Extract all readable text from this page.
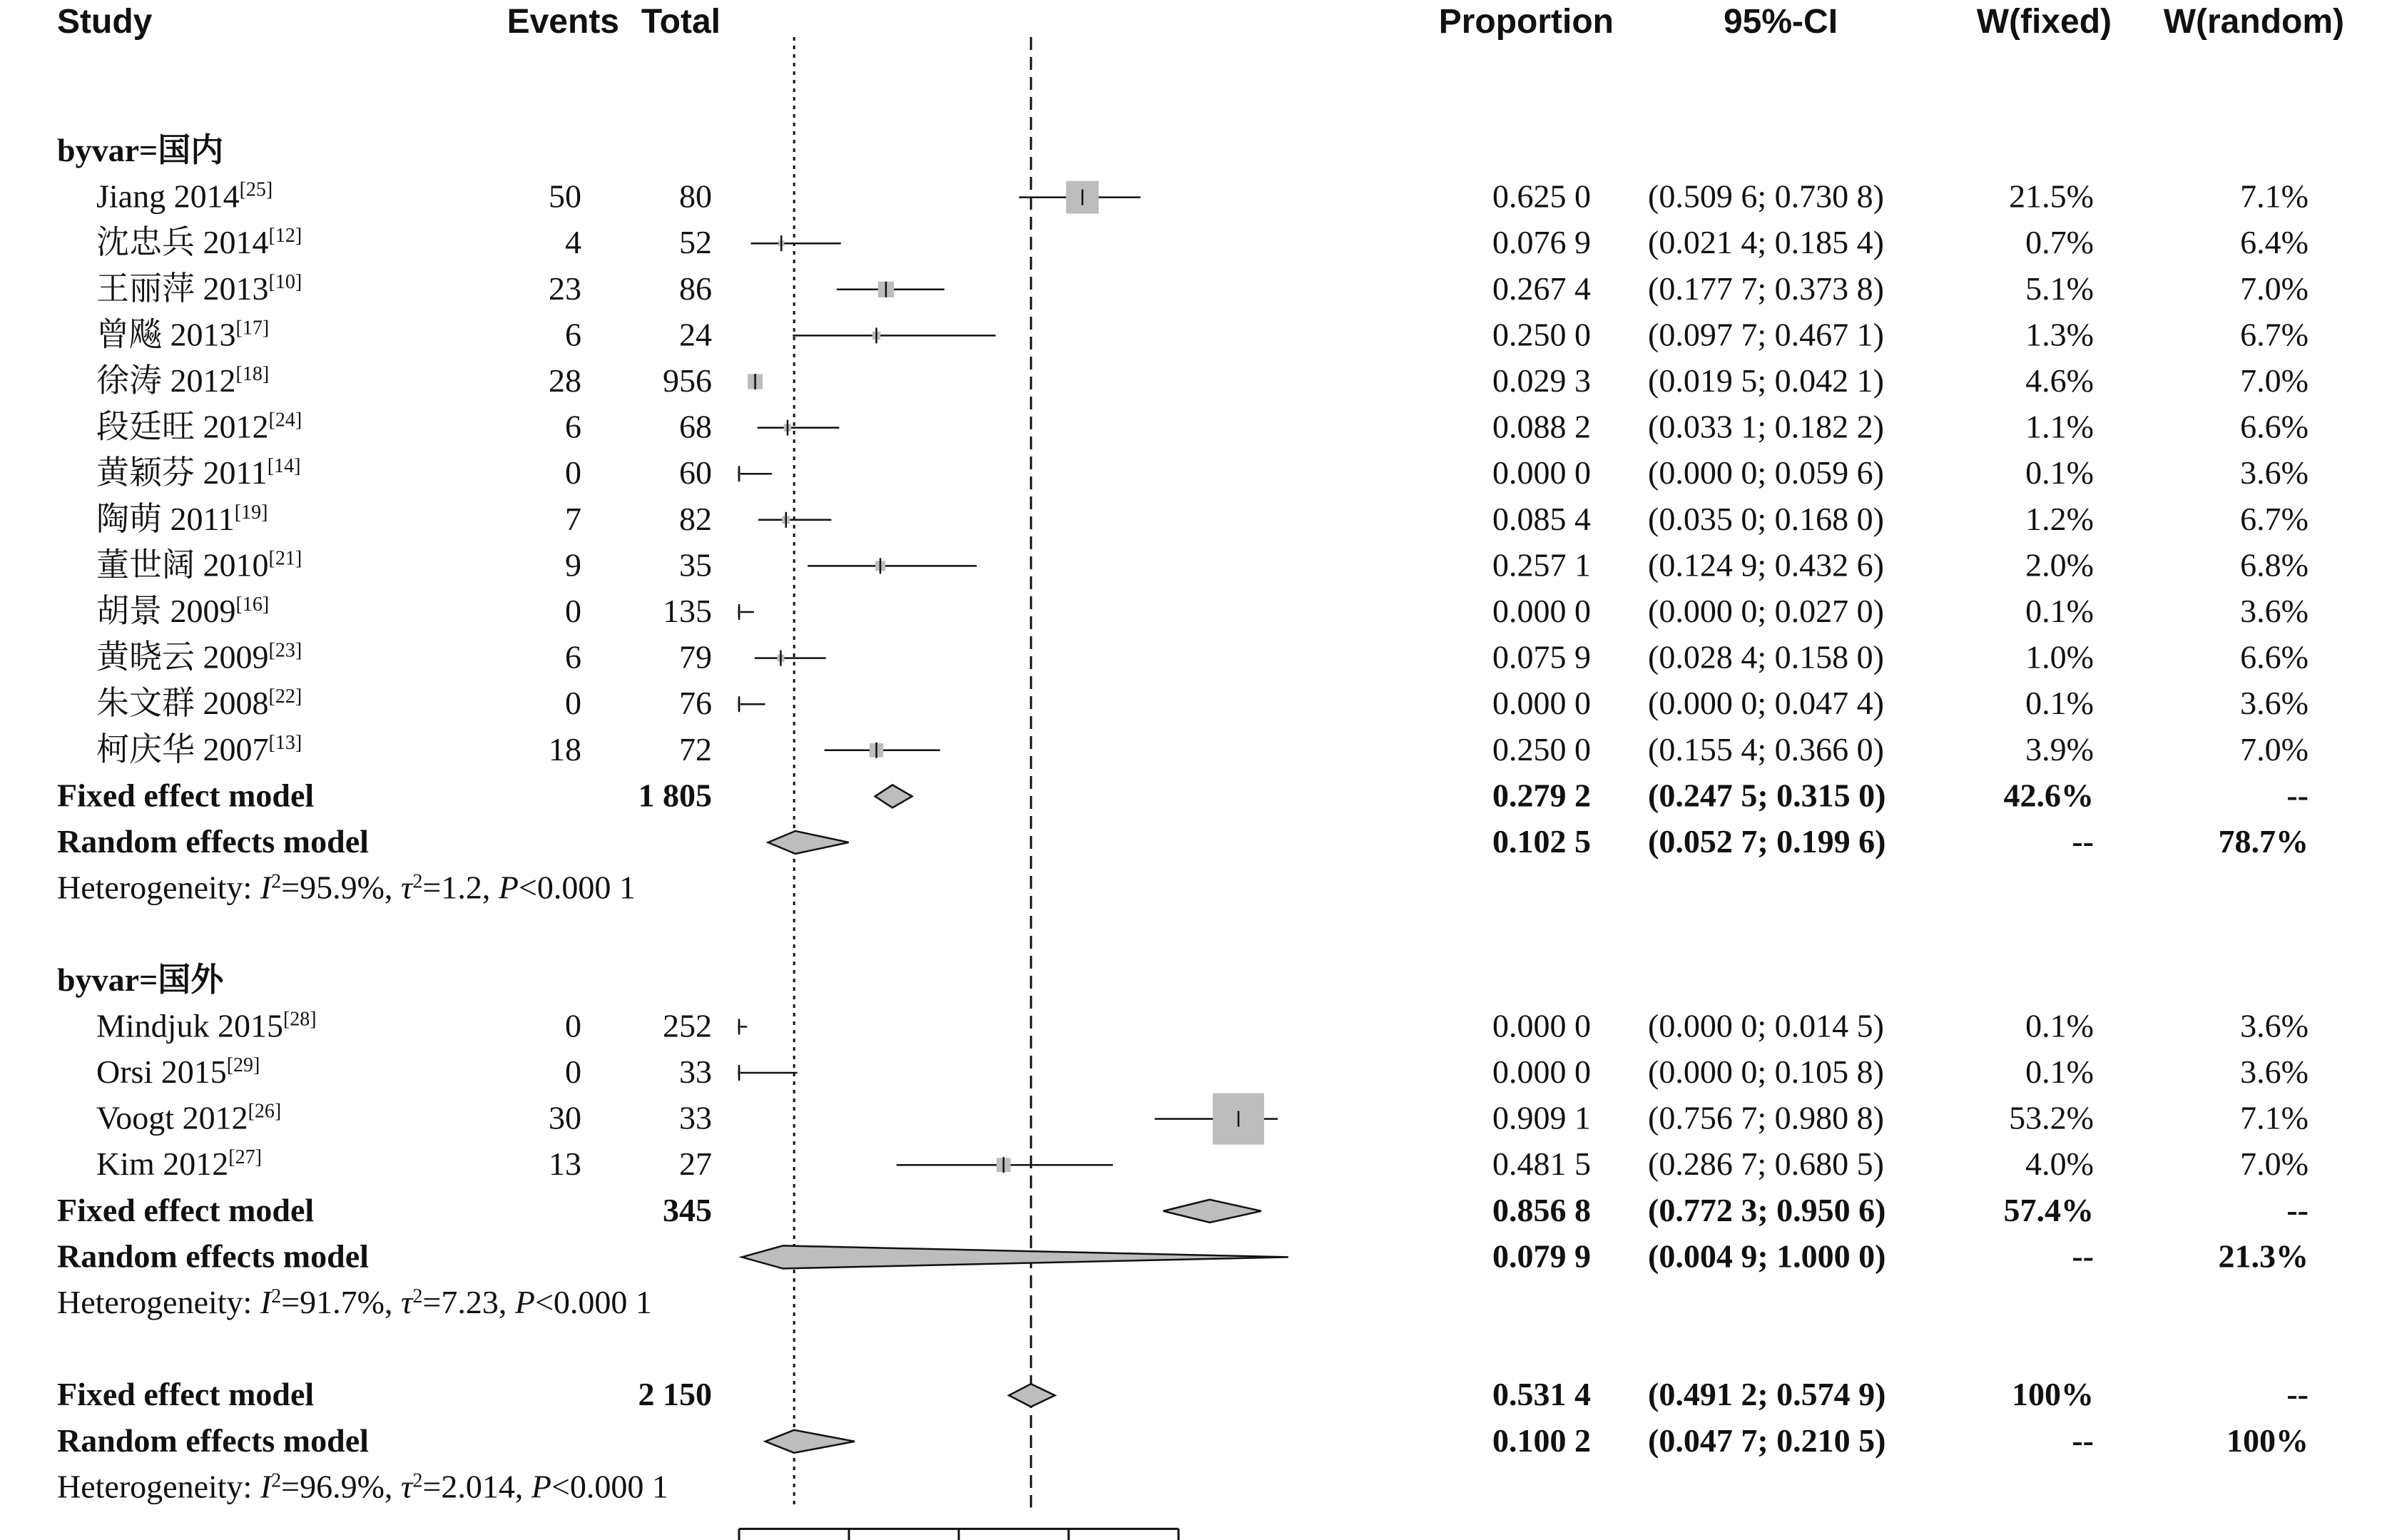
Study	Events Total	Proportion	95%-CI	W(fixed) W(random)
byvar=国内
Jiang 2014[25]	50	80	0.625 0 (0.509 6; 0.730 8)	21.5%	7.1%
沈忠兵 2014[12]	4	52	0.076 9 (0.021 4; 0.185 4)	0.7%	6.4%
王丽萍 2013[10]	23	86	0.267 4 (0.177 7; 0.373 8)	5.1%	7.0%
曾飚 2013[17]	6	24	0.250 0 (0.097 7; 0.467 1)	1.3%	6.7%
徐涛 2012[18]	28 956	0.029 3 (0.019 5; 0.042 1)	4.6%	7.0%
段廷旺 2012[24]	6	68	0.088 2 (0.033 1; 0.182 2)	1.1%	6.6%
黄颖芬 2011[14]	0	60	0.000 0 (0.000 0; 0.059 6)	0.1%	3.6%
陶萌 2011[19]	7	82	0.085 4 (0.035 0; 0.168 0)	1.2%	6.7%
董世阔 2010[21]	9	35	0.257 1 (0.124 9; 0.432 6)	2.0%	6.8%
胡景 2009[16]	0 135	0.000 0 (0.000 0; 0.027 0)	0.1%	3.6%
黄晓云 2009[23]	6	79	0.075 9 (0.028 4; 0.158 0)	1.0%	6.6%
朱文群 2008[22]	0	76	0.000 0 (0.000 0; 0.047 4)	0.1%	3.6%
柯庆华 2007[13]	18	72	0.250 0 (0.155 4; 0.366 0)	3.9%	7.0%
Fixed effect model	1 805	0.279 2 (0.247 5; 0.315 0)	42.6%	--
Random effects model	0.102 5 (0.052 7; 0.199 6)	--	78.7%
Heterogeneity: $I^2=95.9\%$, $\tau^2=1.2$, P<0.000 1
byvar=国外
Mindjuk 2015[28]	0 252	0.000 0 (0.000 0; 0.014 5)	0.1%	3.6%
Orsi 2015[29]	0	33	0.000 0 (0.000 0; 0.105 8)	0.1%	3.6%
Voogt 2012[26]	30	33	0.909 1 (0.756 7; 0.980 8)	53.2%	7.1%
Kim 2012[27]	13	27	0.481 5 (0.286 7; 0.680 5)	4.0%	7.0%
Fixed effect model	345	0.856 8 (0.772 3; 0.950 6)	57.4%	--
Random effects model	0.079 9 (0.004 9; 1.000 0)	--	21.3%
Heterogeneity: $I^2=91.7\%$, $\tau^2=7.23$, P<0.000 1
Fixed effect model	2 150	0.531 4 (0.491 2; 0.574 9)	100%	--
Random effects model	0.100 2 (0.047 7; 0.210 5)	--	100%
Heterogeneity: $I^2=96.9\%$, $\tau^2=2.014$, P<0.000 1
